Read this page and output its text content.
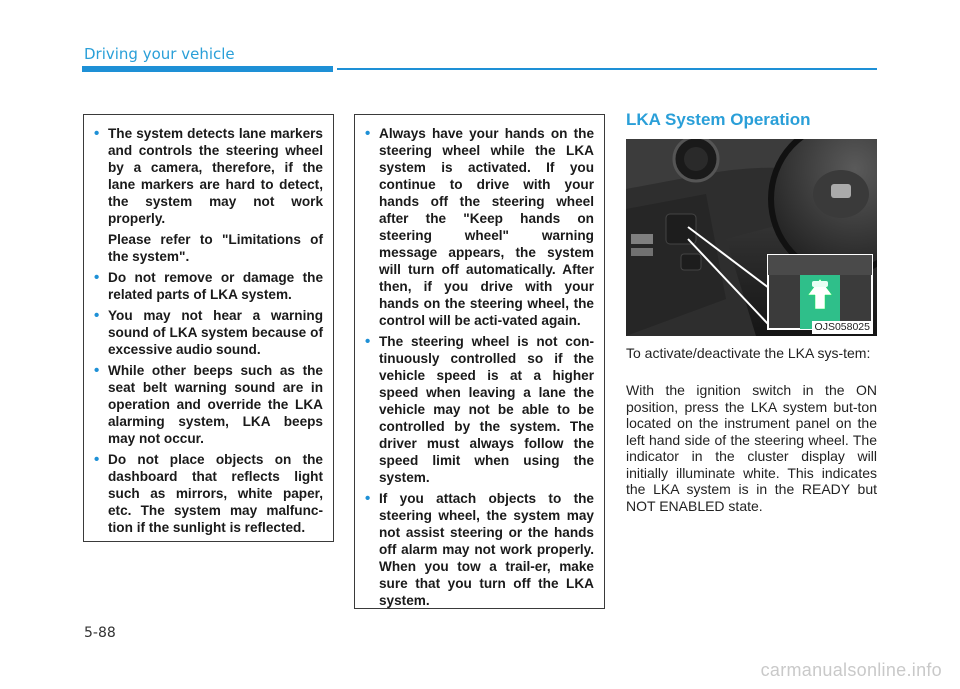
Driving your vehicle
• The system detects lane markers and controls the steering wheel by a camera, therefore, if the lane markers are hard to detect, the system may not work properly.

Please refer to "Limitations of the system".

• Do not remove or damage the related parts of LKA system.

• You may not hear a warning sound of LKA system because of excessive audio sound.

• While other beeps such as the seat belt warning sound are in operation and override the LKA alarming system, LKA beeps may not occur.

• Do not place objects on the dashboard that reflects light such as mirrors, white paper, etc. The system may malfunc-tion if the sunlight is reflected.

• Always have your hands on the steering wheel while the LKA system is activated. If you continue to drive with your hands off the steering wheel after the "Keep hands on steering wheel" warning message appears, the system will turn off automatically. After then, if you drive with your hands on the steering wheel, the control will be acti-vated again.

• The steering wheel is not con-tinuously controlled so if the vehicle speed is at a higher speed when leaving a lane the vehicle may not be able to be controlled by the system. The driver must always follow the speed limit when using the system.

• If you attach objects to the steering wheel, the system may not assist steering or the hands off alarm may not work properly. When you tow a trail-er, make sure that you turn off the LKA system.

LKA System Operation
OJS058025

To activate/deactivate the LKA sys-tem:

With the ignition switch in the ON position, press the LKA system but-ton located on the instrument panel on the left hand side of the steering wheel. The indicator in the cluster display will initially illuminate white. This indicates the LKA system is in the READY but NOT ENABLED state.

5-88
carmanualsonline.info
